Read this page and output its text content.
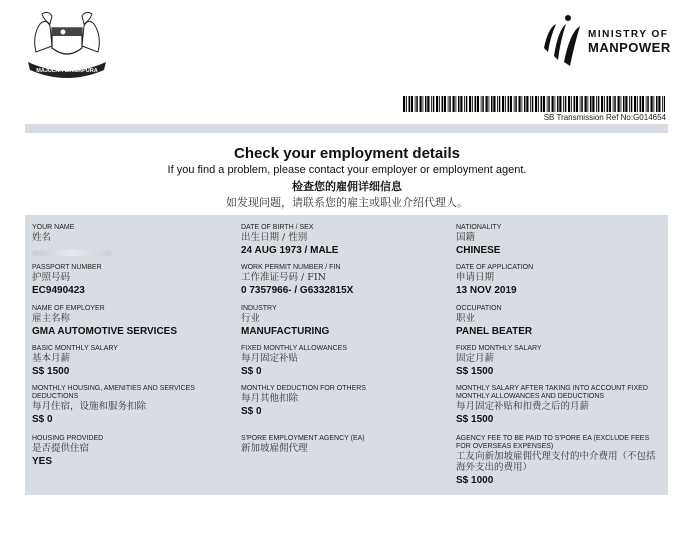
MAJULAH SINGAPURA
MINISTRY OF
MANPOWER
SB Transmission Ref No:G014654
Check your employment details
If you find a problem, please contact your employer or employment agent.
检查您的雇佣详细信息
如发现问题，请联系您的雇主或职业介绍代理人。
YOUR NAME
姓名
DATE OF BIRTH / SEX
出生日期 / 性别
24 AUG 1973 / MALE
NATIONALITY
国籍
CHINESE
PASSPORT NUMBER
护照号码
EC9490423
WORK PERMIT NUMBER / FIN
工作准证号码 / FIN
0 7357966- / G6332815X
DATE OF APPLICATION
申请日期
13 NOV 2019
NAME OF EMPLOYER
雇主名称
GMA AUTOMOTIVE SERVICES
INDUSTRY
行业
MANUFACTURING
OCCUPATION
职业
PANEL BEATER
BASIC MONTHLY SALARY
基本月薪
S$ 1500
FIXED MONTHLY ALLOWANCES
每月固定补贴
S$ 0
FIXED MONTHLY SALARY
固定月薪
S$ 1500
MONTHLY HOUSING, AMENITIES AND SERVICES DEDUCTIONS
每月住宿，设施和服务扣除
S$ 0
MONTHLY DEDUCTION FOR OTHERS
每月其他扣除
S$ 0
MONTHLY SALARY AFTER TAKING INTO ACCOUNT FIXED MONTHLY ALLOWANCES AND DEDUCTIONS
每月固定补贴和扣费之后的月薪
S$ 1500
HOUSING PROVIDED
是否提供住宿
YES
S'PORE EMPLOYMENT AGENCY (EA)
新加坡雇佣代理
AGENCY FEE TO BE PAID TO S'PORE EA (EXCLUDE FEES FOR OVERSEAS EXPENSES)
工友向新加坡雇佣代理支付的中介费用（不包括海外支出的费用）
S$ 1000
